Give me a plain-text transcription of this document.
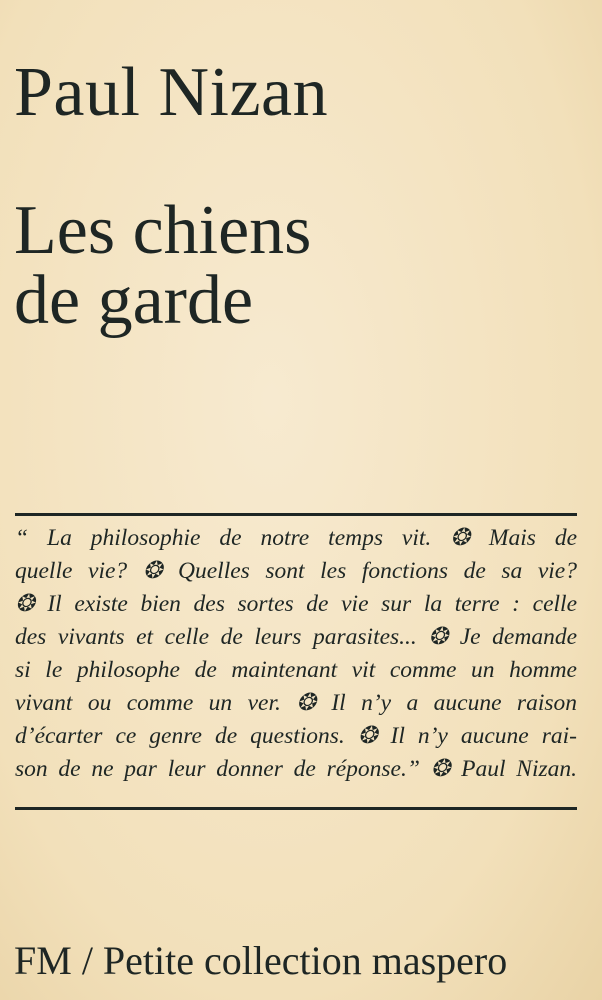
Paul Nizan
Les chiens
de garde
“ La philosophie de notre temps vit. ❂ Mais de
quelle vie? ❂ Quelles sont les fonctions de sa vie?
❂ Il existe bien des sortes de vie sur la terre : celle
des vivants et celle de leurs parasites... ❂ Je demande
si le philosophe de maintenant vit comme un homme
vivant ou comme un ver. ❂ Il n’y a aucune raison
d’écarter ce genre de questions. ❂ Il n’y aucune rai-
son de ne par leur donner de réponse.” ❂ Paul Nizan.
FM / Petite collection maspero
